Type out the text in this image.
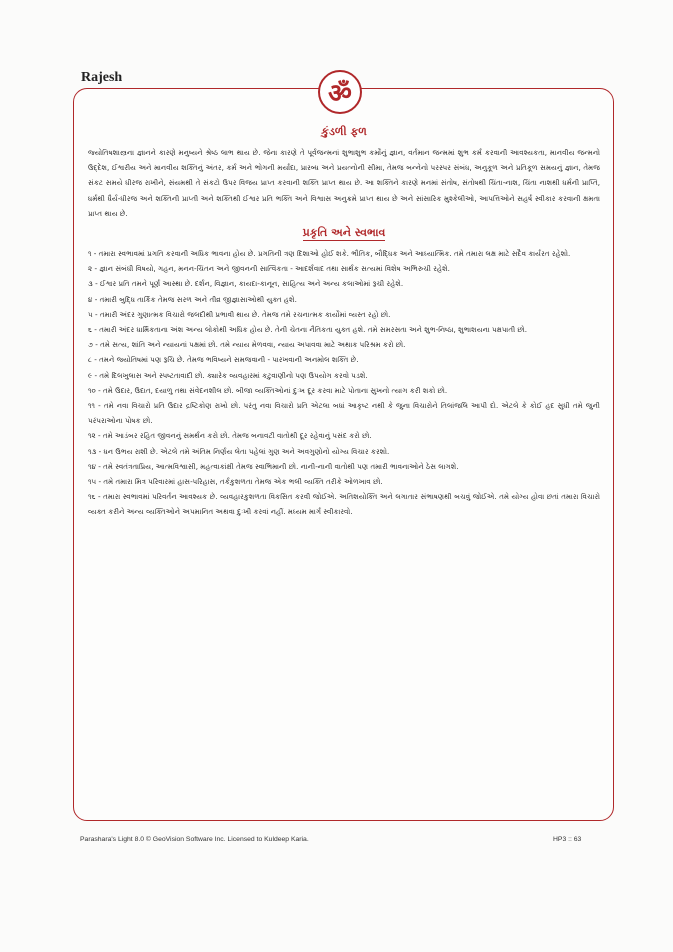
Rajesh
ॐ
કુંડળી ફળ

જ્યોતિષશાસ્ત્રના જ્ઞાનને કારણે મનુષ્યને શ્રેષ્ઠ લાભ થાય છે. જેના કારણે તે પૂર્વજન્મનાં શુભાશુભ કર્મોનું જ્ઞાન, વર્તમાન જન્મમાં શુભ કર્મ કરવાની આવશ્યકતા, માનવીય જન્મનો ઉદ્દેશ, ઈશ્વરીય અને માનવીય શક્તિનું અંતર, કર્મ અને ભોગની મર્યાદા, પ્રારબ્ધ અને પ્રયત્નોની સીમા, તેમજ બન્નેનો પરસ્પર સંબંધ, અનુકૂળ અને પ્રતિકૂળ સમયનું જ્ઞાન, તેમજ સંકટ સમયે ધીરજ રાખીને, સંયમથી તે સંકટો ઉપર વિજય પ્રાપ્ત કરવાની શક્તિ પ્રાપ્ત થાય છે. આ શક્તિને કારણે મનમાં સંતોષ, સંતોષથી ચિંતા-નાશ, ચિંતા નાશથી ધર્મની પ્રાપ્તિ, ધર્મથી ધૈર્ય-ધીરજ અને શક્તિની પ્રાપ્તી અને શક્તિથી ઈશ્વર પ્રતિ ભક્તિ અને વિશ્વાસ અનુક્રમે પ્રાપ્ત થાય છે અને સાંસારિક મુશ્કેલીઓ, આપત્તિઓને સહર્ષ સ્વીકાર કરવાની ક્ષમતા પ્રાપ્ત થાય છે.

પ્રકૃતિ અને સ્વભાવ

૧ - તમારા સ્વભાવમાં પ્રગતિ કરવાની અધિક ભાવના હોય છે. પ્રગતિની ત્રણ દિશાઓ હોઈ શકે. ભૌતિક, બૌદ્ધિક અને આધ્યાત્મિક. તમે તમારા લક્ષ માટે સદૈવ કાર્યરત રહેશો.

૨ - જ્ઞાન સંબંધી વિષયો, ગહન, મનન-ચિંતન અને જીવનની સાત્વિકતા - આદર્શવાદ તથા સાર્થક સત્યમાં વિશેષ અભિરુચી રહેશે.

૩ - ઈશ્વર પ્રતિ તમને પૂર્ણ આસ્થા છે. દર્શન, વિજ્ઞાન, કાયદા-કાનૂન, સાહિત્ય અને અન્ય કલાઓમાં રૂચી રહેશે.

૪ - તમારી બુદ્ધિ તાર્કિક તેમજ સરળ અને તીવ્ર જીજ્ઞાસાઓથી યુક્ત હશે.

૫ - તમારી અંદર ગુણાત્મક વિચારો જલદીથી પ્રભાવી થાય છે. તેમજ તમે રચનાત્મક કાર્યોમાં વ્યસ્ત રહો છો.

૬ - તમારી અંદર ધાર્મિકતાના અંશ અન્ય લોકોથી અધિક હોય છે. તેની ચેતના નૈતિકતા યુક્ત હશે. તમે સમરસતા અને શુભ-નિષ્ઠા, શુભાશયના પક્ષપાતી છો.

૭ - તમે સત્ય, શાંતિ અને ન્યાયનાં પક્ષમાં છો. તમે ન્યાય મેળવવા, ન્યાય અપાવવા માટે અથાક પરિશ્રમ કરો છો.

૮ - તમને જ્યોતિષમાં પણ રૂચિ છે. તેમજ ભવિષ્યને સમજવાની - પારખવાની અનમોલ શક્તિ છે.

૯ - તમે દિલખુલાસ અને સ્પષ્ટતાવાદી છો. ક્યારેક વ્યવહારમાં કટુવાણીનો પણ ઉપયોગ કરવો પડશે.

૧૦ - તમે ઉદાર, ઉદાત, દયાળુ તથા સંવેદનશીલ છો. બીજા વ્યક્તિઓનાં દુઃખ દૂર કરવા માટે પોતાના સુખનો ત્યાગ કરી શકો છો.

૧૧ - તમે નવા વિચારો પ્રતિ ઉદાર દ્રષ્ટિકોણ રાખો છો. પરંતુ નવા વિચારો પ્રતિ એટલા બધાં આકૃષ્ટ નથી કે જુના વિચારોને તિલાંજલિ આપી દો. એટલે કે કોઈ હદ સુધી તમે જુની પરંપરાઓના પોષક છો.

૧૨ - તમે આડંબર રહિત જીવનનું સમર્થન કરો છો. તેમજ બનાવટી વાતોથી દૂર રહેવાનું પસંદ કરો છો.

૧૩ - ધન ઉભય રાશી છે. એટલે તમે અંતિમ નિર્ણય લેતા પહેલાં ગુણ અને અવગુણોનો યોગ્ય વિચાર કરશો.

૧૪ - તમે સ્વતંત્રતાપ્રિય, આત્મવિશ્વાસી, મહત્વાકાંક્ષી તેમજ સ્વાભિમાની છો. નાની-નાની વાતોથી પણ તમારી ભાવનાઓને ઠેસ લાગશે.

૧૫ - તમે તમારા મિત્ર પરિવારમાં હાસ-પરિહાસ, તર્કકુશળતા તેમજ એક ભલી વ્યક્તિ તરીકે ઓળખાવ છો.

૧૬ - તમારા સ્વભાવમાં પરિવર્તન આવશ્યક છે. વ્યવહારકુશળતા વિકસિત કરવી જોઈએ. અતિશયોક્તિ અને લગાતાર સંભાષણથી બચવું જોઈએ. તમે યોગ્ય હોવા છતાં તમારા વિચારો વ્યક્ત કરીને અન્ય વ્યક્તિઓને અપમાનિત અથવા દુઃખી કરવાં નહીં. મધ્યમ માર્ગ સ્વીકારવો.

Parashara's Light 8.0 © GeoVision Software Inc. Licensed to Kuldeep Karia.	HP3 :: 63
